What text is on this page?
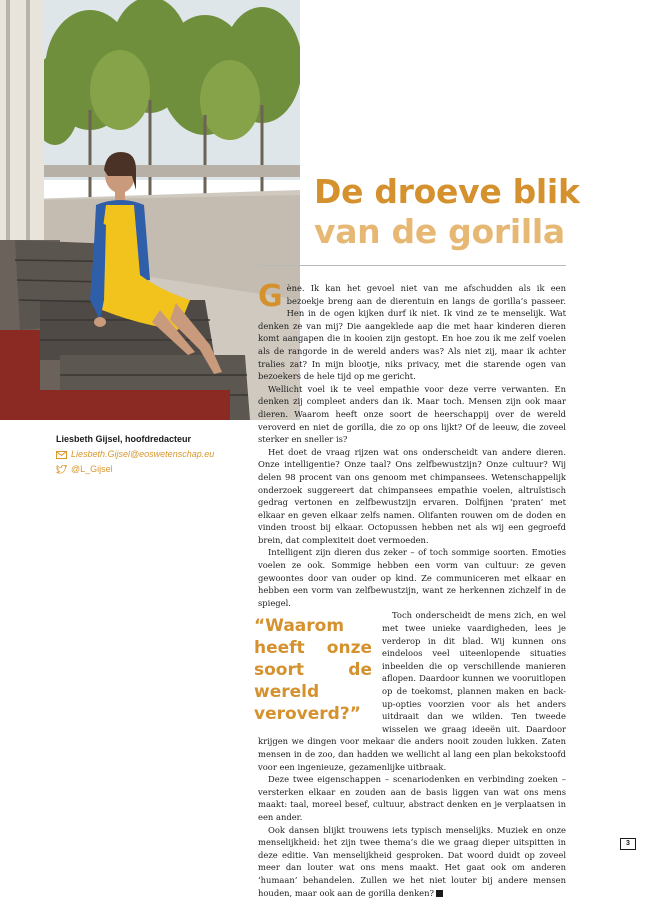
Liesbeth Gijsel, hoofdredacteur
Liesbeth.Gijsel@eoswetenschap.eu
@L_Gijsel
De droeve blik
van de gorilla

Gène. Ik kan het gevoel niet van me afschudden als ik een bezoekje breng aan de dierentuin en langs de gorilla’s passeer. Hen in de ogen kijken durf ik niet. Ik vind ze te menselijk. Wat denken ze van mij? Die aangeklede aap die met haar kinderen dieren komt aangapen die in kooien zijn gestopt. En hoe zou ik me zelf voelen als de rangorde in de wereld anders was? Als niet zij, maar ik achter tralies zat? In mijn blootje, niks privacy, met die starende ogen van bezoekers de hele tijd op me gericht.

Wellicht voel ik te veel empathie voor deze verre verwanten. En denken zij compleet anders dan ik. Maar toch. Mensen zijn ook maar dieren. Waarom heeft onze soort de heerschappij over de wereld veroverd en niet de gorilla, die zo op ons lijkt? Of de leeuw, die zoveel sterker en sneller is?

Het doet de vraag rijzen wat ons onderscheidt van andere dieren. Onze intelligentie? Onze taal? Ons zelfbewustzijn? Onze cultuur? Wij delen 98 procent van ons genoom met chimpansees. Wetenschappelijk onderzoek suggereert dat chimpansees empathie voelen, altruïstisch gedrag vertonen en zelfbewustzijn ervaren. Dolfijnen ‘praten’ met elkaar en geven elkaar zelfs namen. Olifanten rouwen om de doden en vinden troost bij elkaar. Octopussen hebben net als wij een gegroefd brein, dat complexiteit doet vermoeden.

Intelligent zijn dieren dus zeker – of toch sommige soorten. Emoties voelen ze ook. Sommige hebben een vorm van cultuur: ze geven gewoontes door van ouder op kind. Ze communiceren met elkaar en hebben een vorm van zelfbewustzijn, want ze herkennen zichzelf in de spiegel.

“Waarom heeft onze soort de wereld veroverd?”
Toch onderscheidt de mens zich, en wel met twee unieke vaardigheden, lees je verderop in dit blad. Wij kunnen ons eindeloos veel uiteenlopende situaties inbeelden die op verschillende manieren aflopen. Daardoor kunnen we vooruitlopen op de toekomst, plannen maken en back-up-opties voorzien voor als het anders uitdraait dan we wilden. Ten tweede wisselen we graag ideeën uit. Daardoor krijgen we dingen voor mekaar die anders nooit zouden lukken. Zaten mensen in de zoo, dan hadden we wellicht al lang een plan bekokstoofd voor een ingenieuze, gezamenlijke uitbraak.

Deze twee eigenschappen – scenariodenken en verbinding zoeken – versterken elkaar en zouden aan de basis liggen van wat ons mens maakt: taal, moreel besef, cultuur, abstract denken en je verplaatsen in een ander.

Ook dansen blijkt trouwens iets typisch menselijks. Muziek en onze menselijkheid: het zijn twee thema’s die we graag dieper uitspitten in deze editie. Van menselijkheid gesproken. Dat woord duidt op zoveel meer dan louter wat ons mens maakt. Het gaat ook om anderen ‘humaan’ behandelen. Zullen we het niet louter bij andere mensen houden, maar ook aan de gorilla denken?

3
